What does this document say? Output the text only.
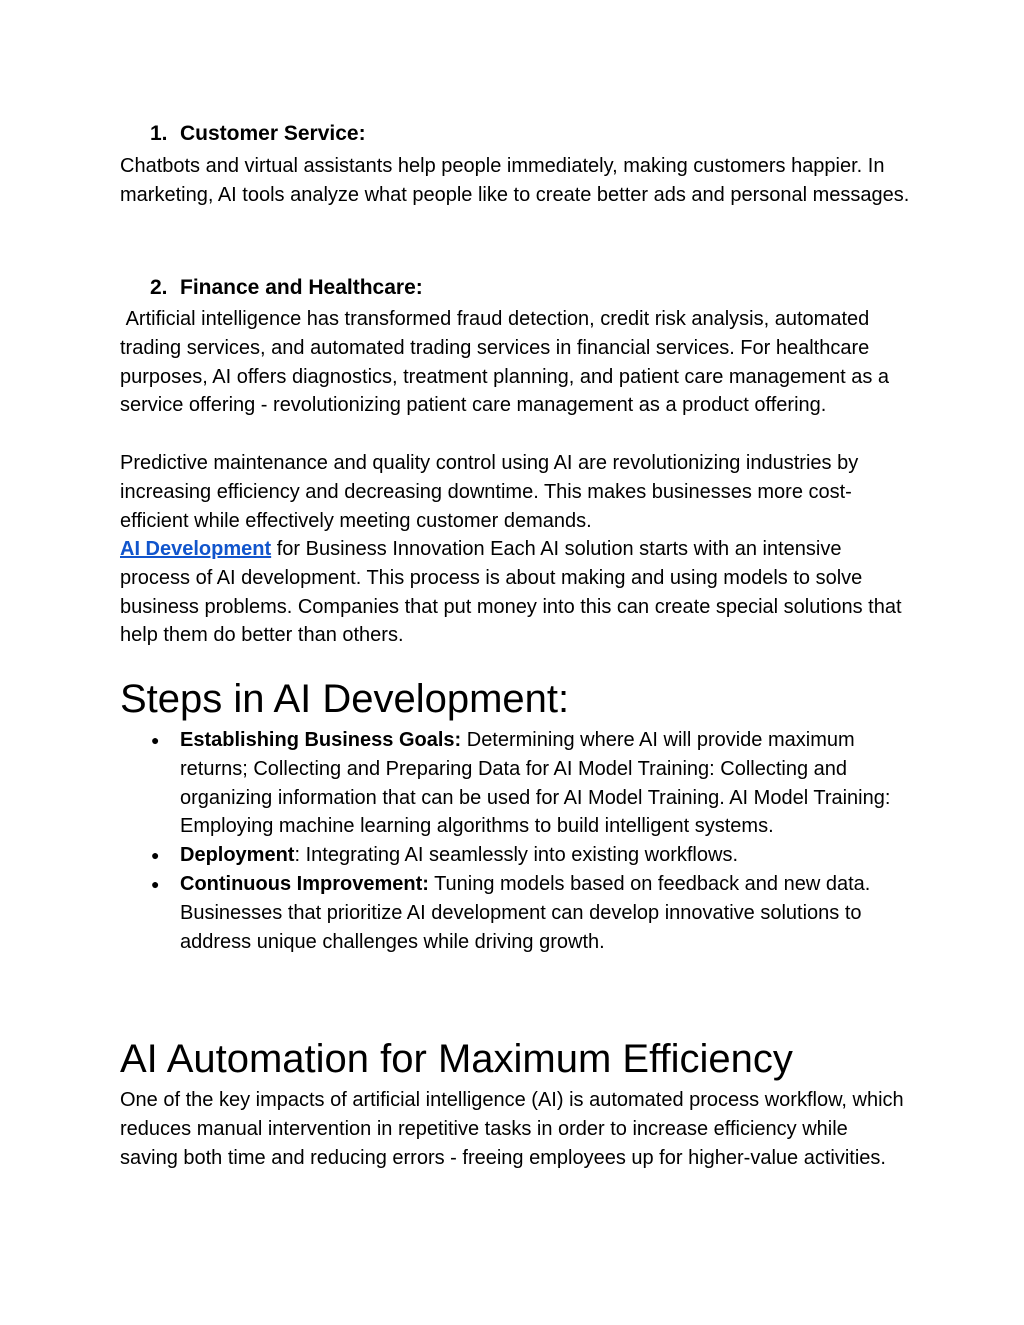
1. Customer Service:

Chatbots and virtual assistants help people immediately, making customers happier. In marketing, AI tools analyze what people like to create better ads and personal messages.

2. Finance and Healthcare:

Artificial intelligence has transformed fraud detection, credit risk analysis, automated trading services, and automated trading services in financial services. For healthcare purposes, AI offers diagnostics, treatment planning, and patient care management as a service offering - revolutionizing patient care management as a product offering.

Predictive maintenance and quality control using AI are revolutionizing industries by increasing efficiency and decreasing downtime. This makes businesses more cost-efficient while effectively meeting customer demands.

AI Development for Business Innovation Each AI solution starts with an intensive process of AI development. This process is about making and using models to solve business problems. Companies that put money into this can create special solutions that help them do better than others.

Steps in AI Development:
● Establishing Business Goals: Determining where AI will provide maximum returns; Collecting and Preparing Data for AI Model Training: Collecting and organizing information that can be used for AI Model Training. AI Model Training: Employing machine learning algorithms to build intelligent systems.
● Deployment: Integrating AI seamlessly into existing workflows.
● Continuous Improvement: Tuning models based on feedback and new data. Businesses that prioritize AI development can develop innovative solutions to address unique challenges while driving growth.
AI Automation for Maximum Efficiency

One of the key impacts of artificial intelligence (AI) is automated process workflow, which reduces manual intervention in repetitive tasks in order to increase efficiency while saving both time and reducing errors - freeing employees up for higher-value activities.
